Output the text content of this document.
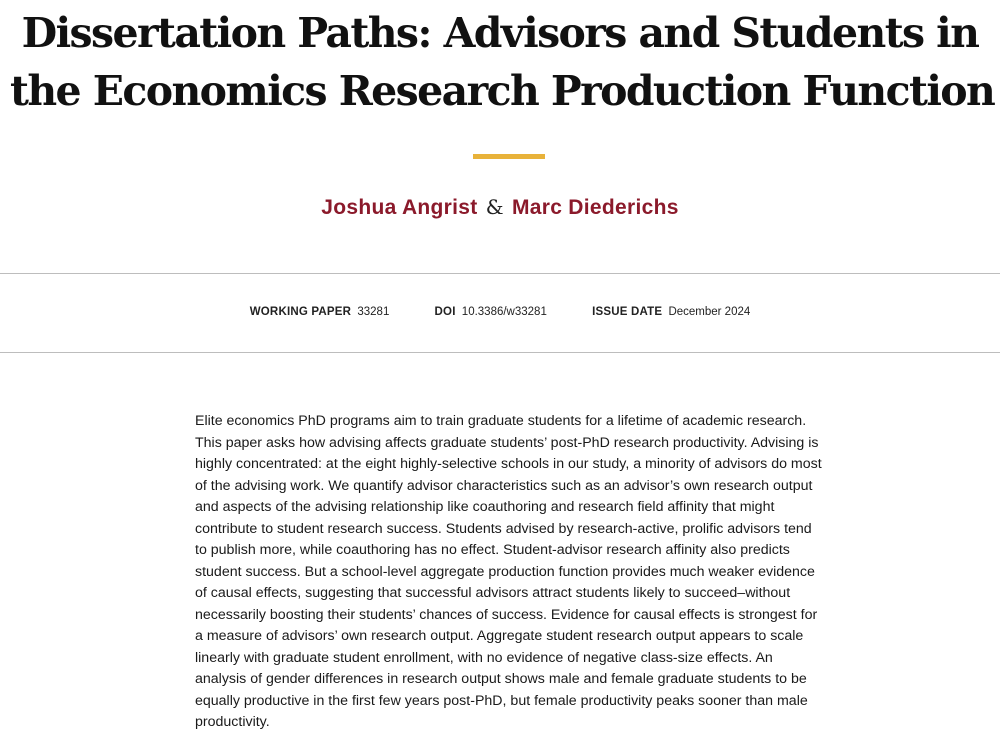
Dissertation Paths: Advisors and Students in
the Economics Research Production Function
Joshua Angrist & Marc Diederichs
WORKING PAPER 33281	DOI 10.3386/w33281	ISSUE DATE December 2024

Elite economics PhD programs aim to train graduate students for a lifetime of academic research. This paper asks how advising affects graduate students’ post-PhD research productivity. Advising is highly concentrated: at the eight highly-selective schools in our study, a minority of advisors do most of the advising work. We quantify advisor characteristics such as an advisor’s own research output and aspects of the advising relationship like coauthoring and research field affinity that might contribute to student research success. Students advised by research-active, prolific advisors tend to publish more, while coauthoring has no effect. Student-advisor research affinity also predicts student success. But a school-level aggregate production function provides much weaker evidence of causal effects, suggesting that successful advisors attract students likely to succeed–without necessarily boosting their students’ chances of success. Evidence for causal effects is strongest for a measure of advisors’ own research output. Aggregate student research output appears to scale linearly with graduate student enrollment, with no evidence of negative class-size effects. An analysis of gender differences in research output shows male and female graduate students to be equally productive in the first few years post-PhD, but female productivity peaks sooner than male productivity.
